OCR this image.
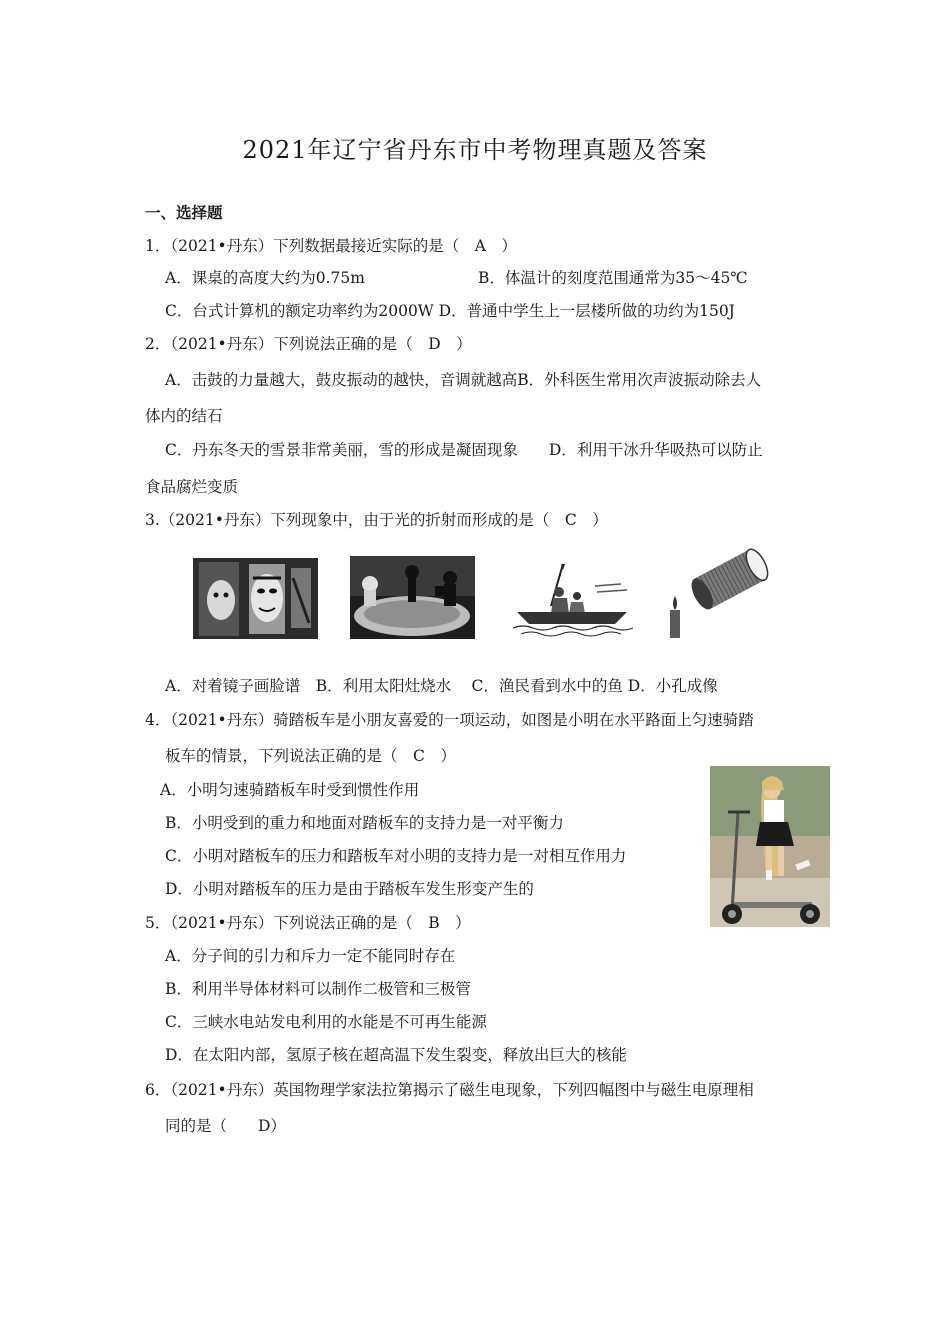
2021年辽宁省丹东市中考物理真题及答案
一、选择题
1．（2021•丹东）下列数据最接近实际的是（　A　）
A．课桌的高度大约为0.75m	B．体温计的刻度范围通常为35～45℃
C．台式计算机的额定功率约为2000W D．普通中学生上一层楼所做的功约为150J
2．（2021•丹东）下列说法正确的是（　D　）
A．击鼓的力量越大，鼓皮振动的越快，音调就越高B．外科医生常用次声波振动除去人
体内的结石
C．丹东冬天的雪景非常美丽，雪的形成是凝固现象　　D．利用干冰升华吸热可以防止
食品腐烂变质
3.（2021•丹东）下列现象中，由于光的折射而形成的是（　C　）
A．对着镜子画脸谱　B．利用太阳灶烧水　 C．渔民看到水中的鱼 D．小孔成像
4．（2021•丹东）骑踏板车是小朋友喜爱的一项运动，如图是小明在水平路面上匀速骑踏
板车的情景，下列说法正确的是（　C　）
A．小明匀速骑踏板车时受到惯性作用
B．小明受到的重力和地面对踏板车的支持力是一对平衡力
C．小明对踏板车的压力和踏板车对小明的支持力是一对相互作用力
D．小明对踏板车的压力是由于踏板车发生形变产生的
5．（2021•丹东）下列说法正确的是（　B　）
A．分子间的引力和斥力一定不能同时存在
B．利用半导体材料可以制作二极管和三极管
C．三峡水电站发电利用的水能是不可再生能源
D．在太阳内部，氢原子核在超高温下发生裂变，释放出巨大的核能
6．（2021•丹东）英国物理学家法拉第揭示了磁生电现象，下列四幅图中与磁生电原理相
同的是（　　D）
